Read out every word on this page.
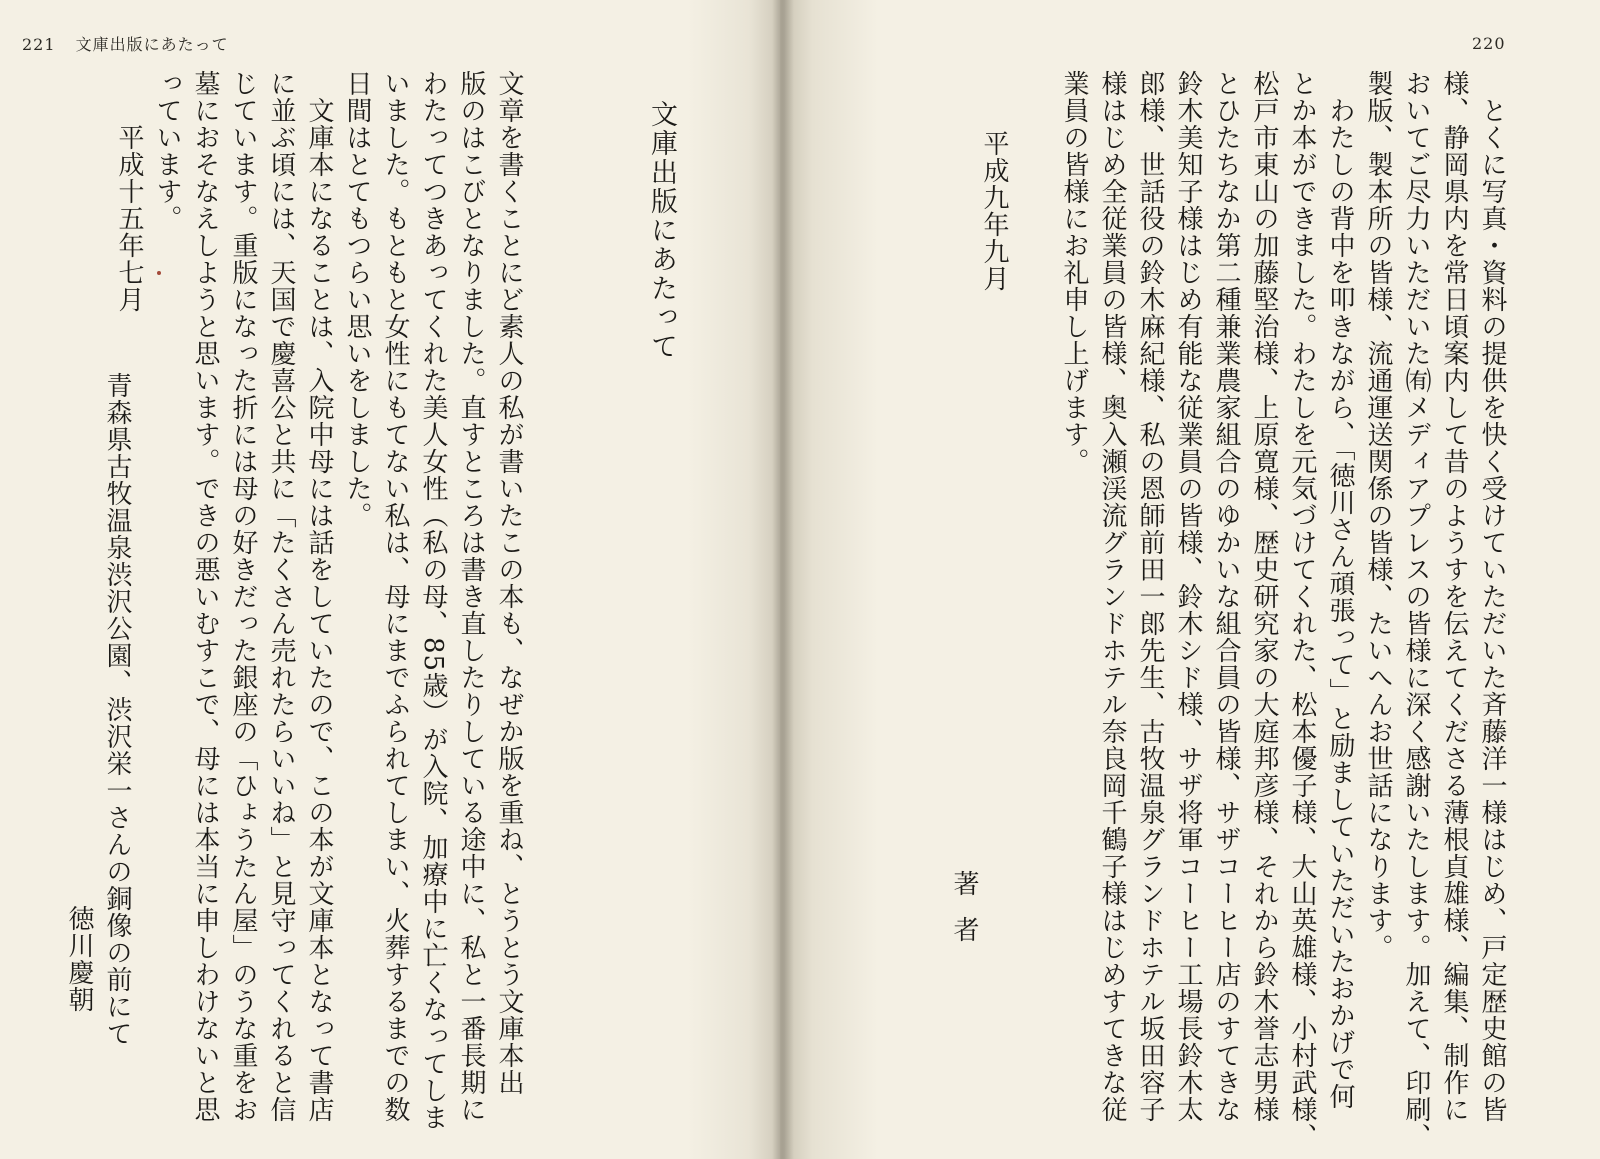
221 文庫出版にあたって
文庫出版にあたって
文章を書くことにど素人の私が書いたこの本も、なぜか版を重ね、とうとう文庫本出
版のはこびとなりました。直すところは書き直したりしている途中に、私と一番長期に
わたってつきあってくれた美人女性（私の母、85歳）が入院、加療中に亡くなってしま
いました。もともと女性にもてない私は、母にまでふられてしまい、火葬するまでの数
日間はとてもつらい思いをしました。
　文庫本になることは、入院中母には話をしていたので、この本が文庫本となって書店
に並ぶ頃には、天国で慶喜公と共に「たくさん売れたらいいね」と見守ってくれると信
じています。重版になった折には母の好きだった銀座の「ひょうたん屋」のうな重をお
墓におそなえしようと思います。できの悪いむすこで、母には本当に申しわけないと思
っています。
平成十五年七月
青森県古牧温泉渋沢公園、渋沢栄一さんの銅像の前にて
徳川慶朝
220
　とくに写真・資料の提供を快く受けていただいた斉藤洋一様はじめ、戸定歴史館の皆
様、静岡県内を常日頃案内して昔のようすを伝えてくださる薄根貞雄様、編集、制作に
おいてご尽力いただいた㈲メディアプレスの皆様に深く感謝いたします。加えて、印刷、
製版、製本所の皆様、流通運送関係の皆様、たいへんお世話になります。
　わたしの背中を叩きながら、「徳川さん頑張って」と励ましていただいたおかげで何
とか本ができました。わたしを元気づけてくれた、松本優子様、大山英雄様、小村武様、
松戸市東山の加藤堅治様、上原寛様、歴史研究家の大庭邦彦様、それから鈴木誉志男様
とひたちなか第二種兼業農家組合のゆかいな組合員の皆様、サザコーヒー店のすてきな
鈴木美知子様はじめ有能な従業員の皆様、鈴木シド様、サザ将軍コーヒー工場長鈴木太
郎様、世話役の鈴木麻紀様、私の恩師前田一郎先生、古牧温泉グランドホテル坂田容子
様はじめ全従業員の皆様、奥入瀬渓流グランドホテル奈良岡千鶴子様はじめすてきな従
業員の皆様にお礼申し上げます。
平成九年九月
著者
